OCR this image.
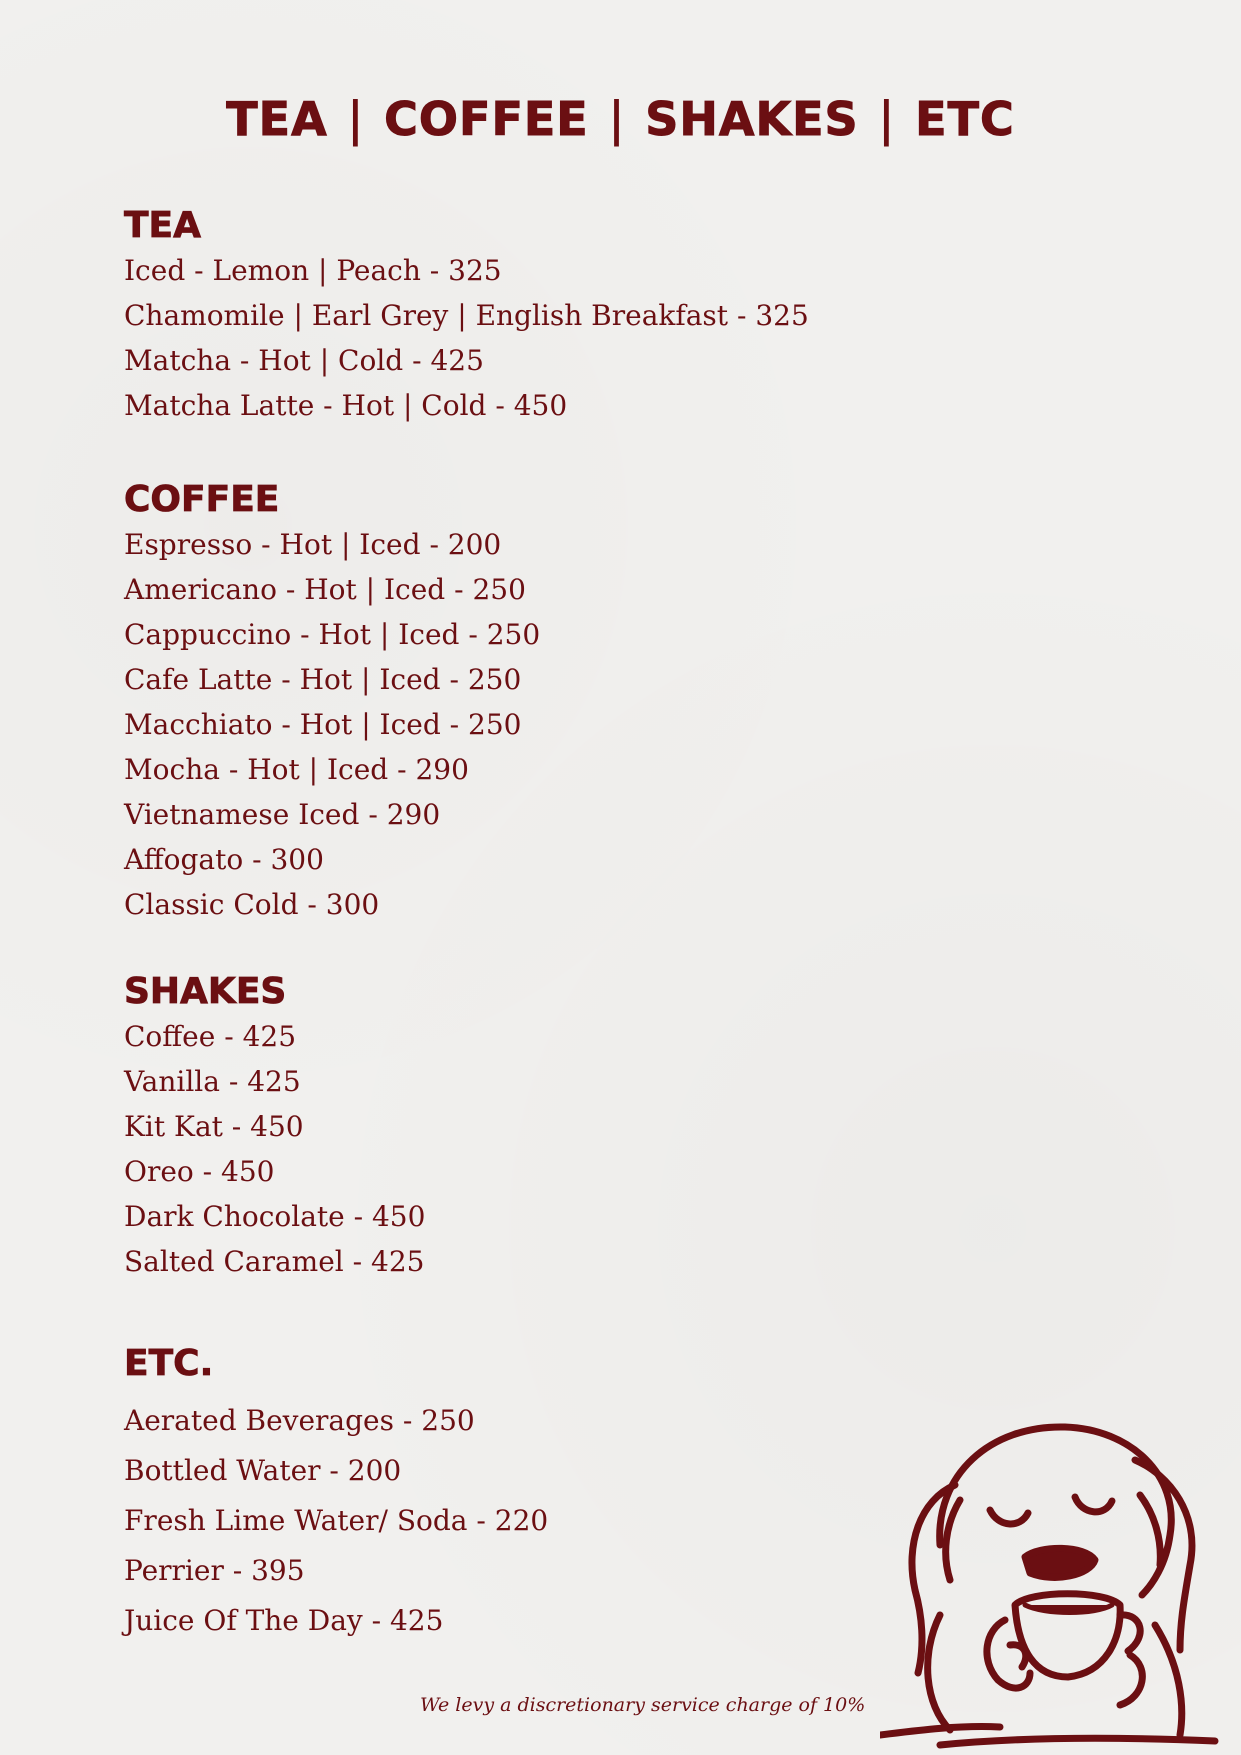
TEA | COFFEE | SHAKES | ETC
TEA
Iced - Lemon | Peach - 325
Chamomile | Earl Grey | English Breakfast - 325
Matcha - Hot | Cold - 425
Matcha Latte - Hot | Cold - 450
COFFEE
Espresso - Hot | Iced - 200
Americano - Hot | Iced - 250
Cappuccino - Hot | Iced - 250
Cafe Latte - Hot | Iced - 250
Macchiato - Hot | Iced - 250
Mocha - Hot | Iced - 290
Vietnamese Iced - 290
Affogato - 300
Classic Cold - 300
SHAKES
Coffee - 425
Vanilla - 425
Kit Kat - 450
Oreo - 450
Dark Chocolate - 450
Salted Caramel - 425
ETC.
Aerated Beverages - 250
Bottled Water - 200
Fresh Lime Water/ Soda - 220
Perrier - 395
Juice Of The Day - 425
We levy a discretionary service charge of 10%
